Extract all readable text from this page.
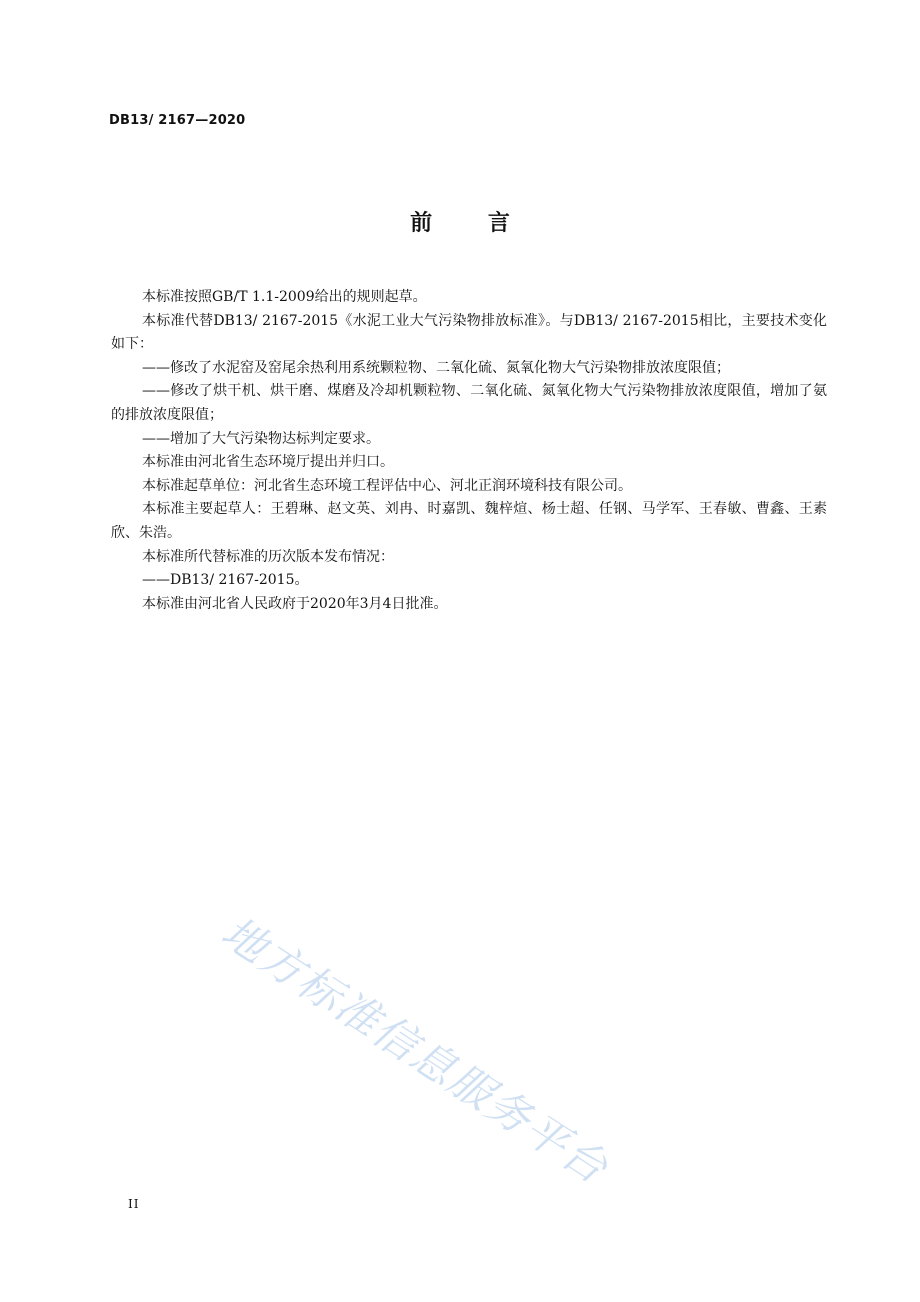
DB13/ 2167—2020
前 言

本标准按照GB/T 1.1-2009给出的规则起草。

本标准代替DB13/ 2167-2015《水泥工业大气污染物排放标准》。与DB13/ 2167-2015相比，主要技术变化如下：

——修改了水泥窑及窑尾余热利用系统颗粒物、二氧化硫、氮氧化物大气污染物排放浓度限值；

——修改了烘干机、烘干磨、煤磨及冷却机颗粒物、二氧化硫、氮氧化物大气污染物排放浓度限值，增加了氨的排放浓度限值；

——增加了大气污染物达标判定要求。

本标准由河北省生态环境厅提出并归口。

本标准起草单位：河北省生态环境工程评估中心、河北正润环境科技有限公司。

本标准主要起草人：王碧琳、赵文英、刘冉、时嘉凯、魏梓煊、杨士超、任钢、马学军、王春敏、曹鑫、王素欣、朱浩。

本标准所代替标准的历次版本发布情况：

——DB13/ 2167-2015。

本标准由河北省人民政府于2020年3月4日批准。

地方标准信息服务平台
II
